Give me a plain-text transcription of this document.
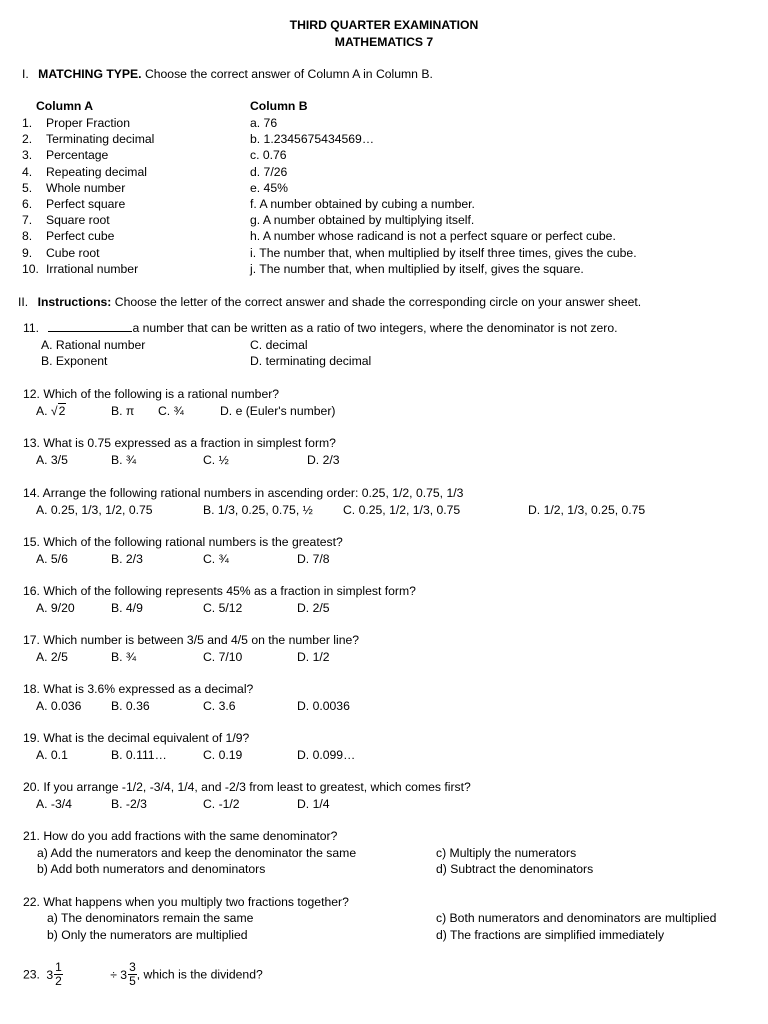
THIRD QUARTER EXAMINATION
MATHEMATICS 7
I. MATCHING TYPE. Choose the correct answer of Column A in Column B.
Column A	Column B
1. Proper Fraction	a. 76
2. Terminating decimal	b. 1.2345675434569…
3. Percentage	c. 0.76
4. Repeating decimal	d. 7/26
5. Whole number	e. 45%
6. Perfect square	f. A number obtained by cubing a number.
7. Square root	g. A number obtained by multiplying itself.
8. Perfect cube	h. A number whose radicand is not a perfect square or perfect cube.
9. Cube root	i. The number that, when multiplied by itself three times, gives the cube.
10. Irrational number	j. The number that, when multiplied by itself, gives the square.
II. Instructions: Choose the letter of the correct answer and shade the corresponding circle on your answer sheet.
11.	a number that can be written as a ratio of two integers, where the denominator is not zero.
A. Rational number	C. decimal
B. Exponent	D. terminating decimal
12. Which of the following is a rational number?
A. √2	B. π C. ¾	D. e (Euler's number)
13. What is 0.75 expressed as a fraction in simplest form?
A. 3/5	B. ¾	C. ½	D. 2/3
14. Arrange the following rational numbers in ascending order: 0.25, 1/2, 0.75, 1/3
A. 0.25, 1/3, 1/2, 0.75	B. 1/3, 0.25, 0.75, ½ C. 0.25, 1/2, 1/3, 0.75	D. 1/2, 1/3, 0.25, 0.75
15. Which of the following rational numbers is the greatest?
A. 5/6	B. 2/3	C. ¾	D. 7/8
16. Which of the following represents 45% as a fraction in simplest form?
A. 9/20	B. 4/9	C. 5/12	D. 2/5
17. Which number is between 3/5 and 4/5 on the number line?
A. 2/5	B. ¾	C. 7/10	D. 1/2
18. What is 3.6% expressed as a decimal?
A. 0.036 B. 0.36	C. 3.6	D. 0.0036
19. What is the decimal equivalent of 1/9?
A. 0.1	B. 0.111…	C. 0.19	D. 0.099…
20. If you arrange -1/2, -3/4, 1/4, and -2/3 from least to greatest, which comes first?
A. -3/4	B. -2/3	C. -1/2	D. 1/4
21. How do you add fractions with the same denominator?
a) Add the numerators and keep the denominator the same	c) Multiply the numerators
b) Add both numerators and denominators	d) Subtract the denominators
22. What happens when you multiply two fractions together?
a) The denominators remain the same	c) Both numerators and denominators are multiplied
b) Only the numerators are multiplied	d) The fractions are simplified immediately
23. $3 \frac{1}{2}$
	÷ $3 \frac{3}{5}$ , which is the dividend?
